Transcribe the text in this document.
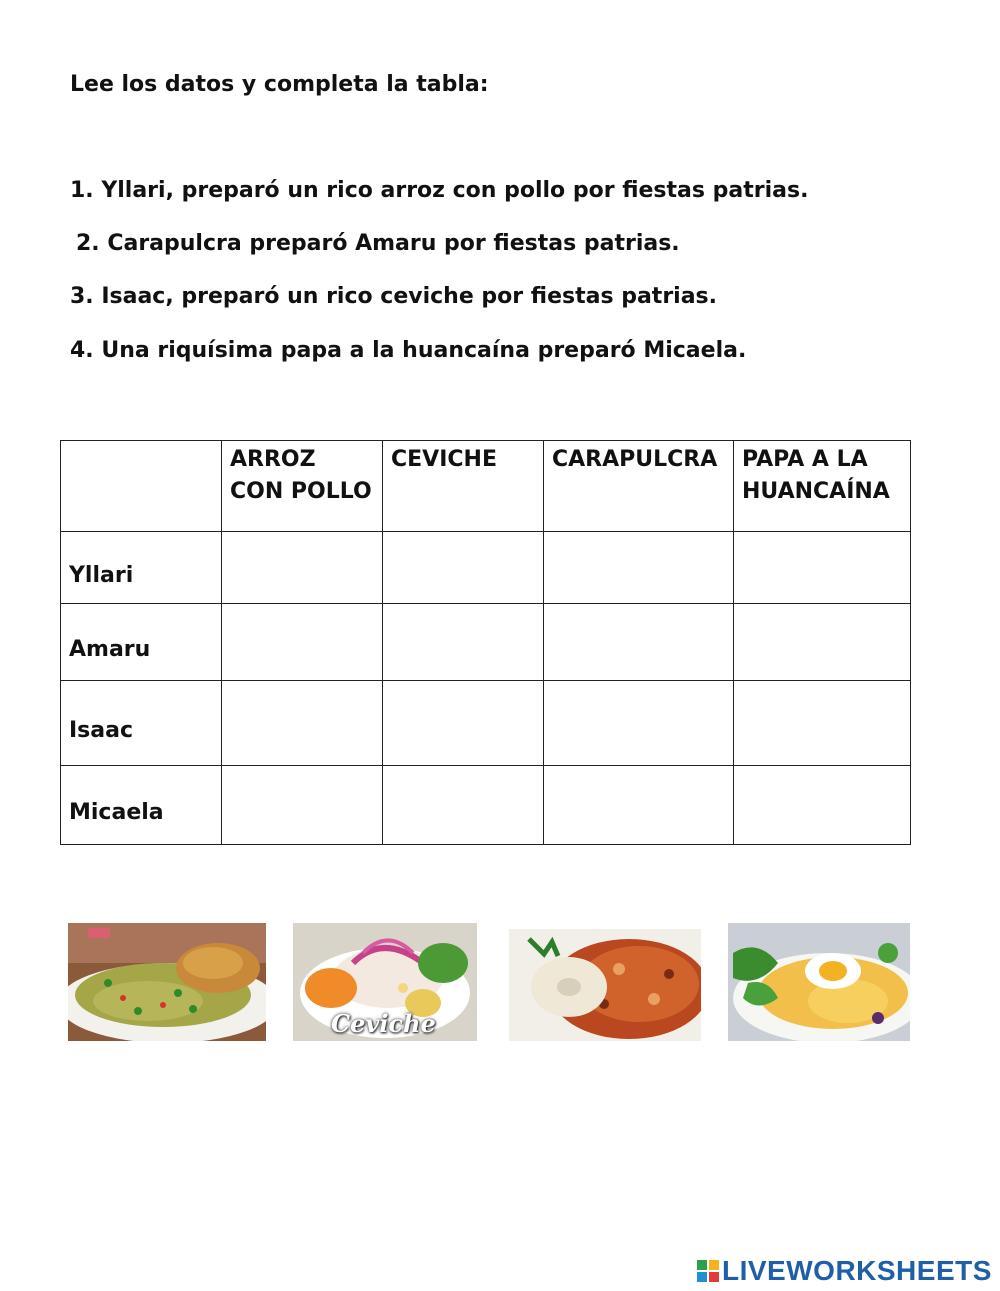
Lee los datos y completa la tabla:
1. Yllari, preparó un rico arroz con pollo por fiestas patrias.
2. Carapulcra preparó Amaru por fiestas patrias.
3. Isaac, preparó un rico ceviche por fiestas patrias.
4. Una riquísima papa a la huancaína preparó Micaela.
	ARROZ CON POLLO	CEVICHE	CARAPULCRA	PAPA A LA HUANCAÍNA

Yllari				

Amaru				

Isaac				

Micaela				

Ceviche
LIVEWORKSHEETS
